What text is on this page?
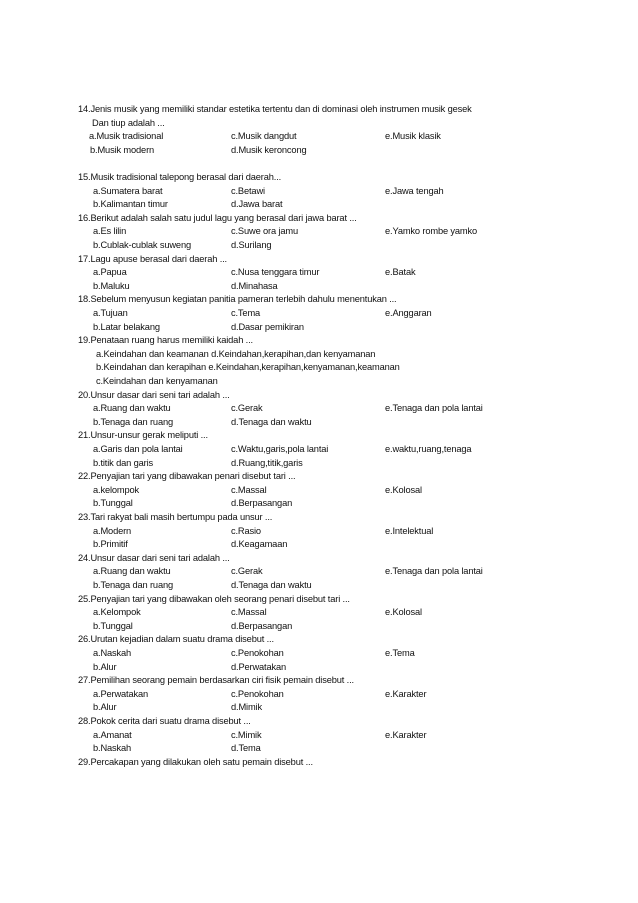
14.Jenis musik yang memiliki standar estetika tertentu dan di dominasi oleh instrumen musik gesek
Dan tiup adalah ...
a.Musik tradisional	c.Musik dangdut	e.Musik klasik
b.Musik modern	d.Musik keroncong
15.Musik tradisional talepong berasal dari daerah...
a.Sumatera barat	c.Betawi	e.Jawa tengah
b.Kalimantan timur	d.Jawa barat
16.Berikut adalah salah satu judul lagu yang berasal dari jawa barat ...
a.Es lilin	c.Suwe ora jamu	e.Yamko rombe yamko
b.Cublak-cublak suweng	d.Surilang
17.Lagu apuse berasal dari daerah ...
a.Papua	c.Nusa tenggara timur	e.Batak
b.Maluku	d.Minahasa
18.Sebelum menyusun kegiatan panitia pameran terlebih dahulu menentukan ...
a.Tujuan	c.Tema	e.Anggaran
b.Latar belakang	d.Dasar pemikiran
19.Penataan ruang harus memiliki kaidah ...
a.Keindahan dan keamanan d.Keindahan,kerapihan,dan kenyamanan
b.Keindahan dan kerapihan e.Keindahan,kerapihan,kenyamanan,keamanan
c.Keindahan dan kenyamanan
20.Unsur dasar dari seni tari adalah ...
a.Ruang dan waktu	c.Gerak	e.Tenaga dan pola lantai
b.Tenaga dan ruang	d.Tenaga dan waktu
21.Unsur-unsur gerak meliputi ...
a.Garis dan pola lantai	c.Waktu,garis,pola lantai	e.waktu,ruang,tenaga
b.titik dan garis	d.Ruang,titik,garis
22.Penyajian tari yang dibawakan penari disebut tari ...
a.kelompok	c.Massal	e.Kolosal
b.Tunggal	d.Berpasangan
23.Tari rakyat bali masih bertumpu pada unsur ...
a.Modern	c.Rasio	e.Intelektual
b.Primitif	d.Keagamaan
24.Unsur dasar dari seni tari adalah ...
a.Ruang dan waktu	c.Gerak	e.Tenaga dan pola lantai
b.Tenaga dan ruang	d.Tenaga dan waktu
25.Penyajian tari yang dibawakan oleh seorang penari disebut tari ...
a.Kelompok	c.Massal	e.Kolosal
b.Tunggal	d.Berpasangan
26.Urutan kejadian dalam suatu drama disebut ...
a.Naskah	c.Penokohan	e.Tema
b.Alur	d.Perwatakan
27.Pemilihan seorang pemain berdasarkan ciri fisik pemain disebut ...
a.Perwatakan	c.Penokohan	e.Karakter
b.Alur	d.Mimik
28.Pokok cerita dari suatu drama disebut ...
a.Amanat	c.Mimik	e.Karakter
b.Naskah	d.Tema
29.Percakapan yang dilakukan oleh satu pemain disebut ...
